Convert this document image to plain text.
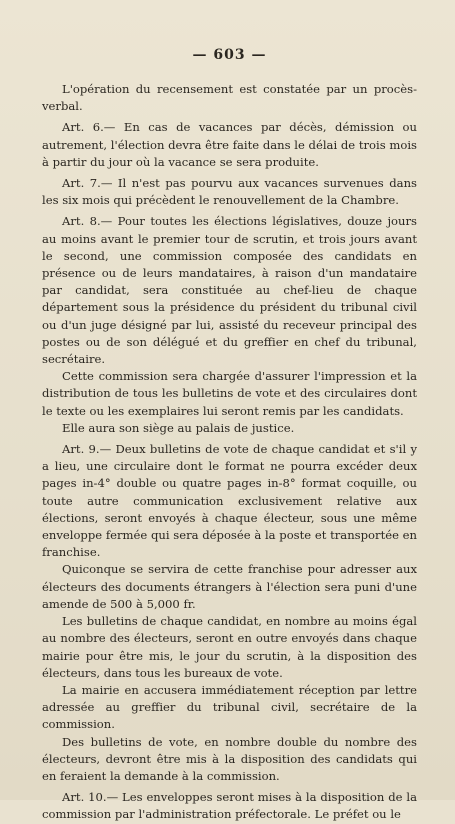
— 603 —

L'opération du recensement est constatée par un procès-verbal.

Art. 6.— En cas de vacances par décès, démission ou autrement, l'élection devra être faite dans le délai de trois mois à partir du jour où la vacance se sera produite.

Art. 7.— Il n'est pas pourvu aux vacances survenues dans les six mois qui précèdent le renouvellement de la Chambre.

Art. 8.— Pour toutes les élections législatives, douze jours au moins avant le premier tour de scrutin, et trois jours avant le second, une commission composée des candidats en présence ou de leurs mandataires, à raison d'un mandataire par candidat, sera constituée au chef-lieu de chaque département sous la présidence du président du tribunal civil ou d'un juge désigné par lui, assisté du receveur principal des postes ou de son délégué et du greffier en chef du tribunal, secrétaire.

Cette commission sera chargée d'assurer l'impression et la distribution de tous les bulletins de vote et des circulaires dont le texte ou les exemplaires lui seront remis par les candidats.

Elle aura son siège au palais de justice.

Art. 9.— Deux bulletins de vote de chaque candidat et s'il y a lieu, une circulaire dont le format ne pourra excéder deux pages in-4° double ou quatre pages in-8° format coquille, ou toute autre communication exclusivement relative aux élections, seront envoyés à chaque électeur, sous une même enveloppe fermée qui sera déposée à la poste et transportée en franchise.

Quiconque se servira de cette franchise pour adresser aux électeurs des documents étrangers à l'élection sera puni d'une amende de 500 à 5,000 fr.

Les bulletins de chaque candidat, en nombre au moins égal au nombre des électeurs, seront en outre envoyés dans chaque mairie pour être mis, le jour du scrutin, à la disposition des électeurs, dans tous les bureaux de vote.

La mairie en accusera immédiatement réception par lettre adressée au greffier du tribunal civil, secrétaire de la commission.

Des bulletins de vote, en nombre double du nombre des électeurs, devront être mis à la disposition des candidats qui en feraient la demande à la commission.

Art. 10.— Les enveloppes seront mises à la disposition de la commission par l'administration préfectorale. Le préfet ou le
